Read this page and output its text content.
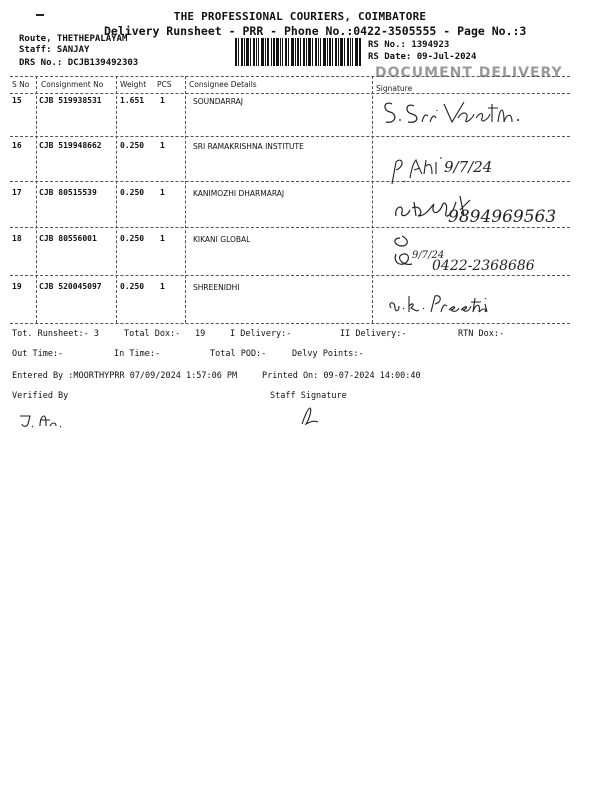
THE PROFESSIONAL COURIERS, COIMBATORE
Delivery Runsheet - PRR - Phone No.:0422-3505555 - Page No.:3
Route, THETHEPALAYAM
Staff: SANJAY
DRS No.: DCJB139492303
RS No.: 1394923
RS Date: 09-Jul-2024
DOCUMENT DELIVERY
S No Consignment No Weight PCS Consignee Details	Signature
15 CJB 519938531 1.651 1	SOUNDARRAJ
16 CJB 519948662 0.250 1	SRI RAMAKRISHNA INSTITUTE
17 CJB 80515539	0.250 1	KANIMOZHI DHARMARAJ
18 CJB 80556001	0.250 1	KIKANI GLOBAL
19 CJB 520045097 0.250 1	SHREENIDHI
9/7/24
9894969563
9/7/24
0422-2368686
Tot. Runsheet:- 3	Total Dox:- 19	I Delivery:-	II Delivery:-	RTN Dox:-
Out Time:-	In Time:-	Total POD:-	Delvy Points:-
Entered By :MOORTHYPRR 07/09/2024 1:57:06 PM	Printed On: 09-07-2024 14:00:40
Verified By	Staff Signature
